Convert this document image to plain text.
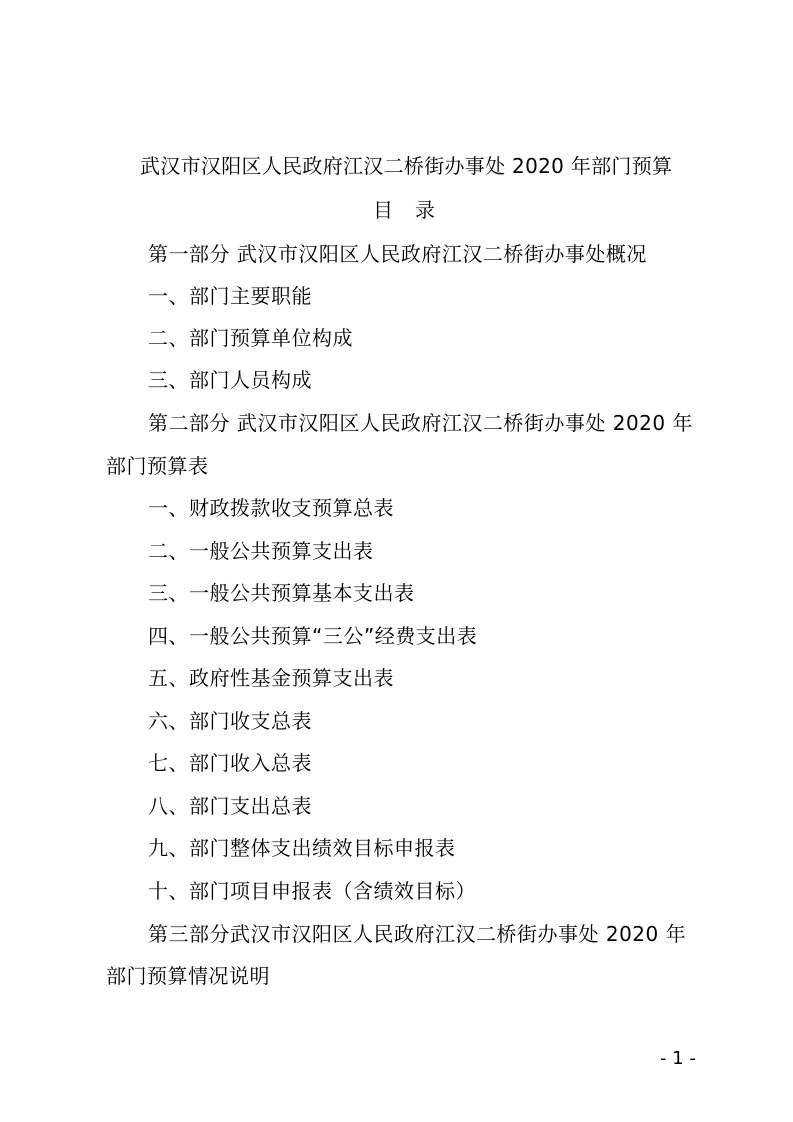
武汉市汉阳区人民政府江汉二桥街办事处 2020 年部门预算
目 录
第一部分 武汉市汉阳区人民政府江汉二桥街办事处概况
一、部门主要职能
二、部门预算单位构成
三、部门人员构成
第二部分 武汉市汉阳区人民政府江汉二桥街办事处 2020 年
部门预算表
一、财政拨款收支预算总表
二、一般公共预算支出表
三、一般公共预算基本支出表
四、一般公共预算“三公”经费支出表
五、政府性基金预算支出表
六、部门收支总表
七、部门收入总表
八、部门支出总表
九、部门整体支出绩效目标申报表
十、部门项目申报表（含绩效目标）
第三部分武汉市汉阳区人民政府江汉二桥街办事处 2020 年
部门预算情况说明
- 1 -
